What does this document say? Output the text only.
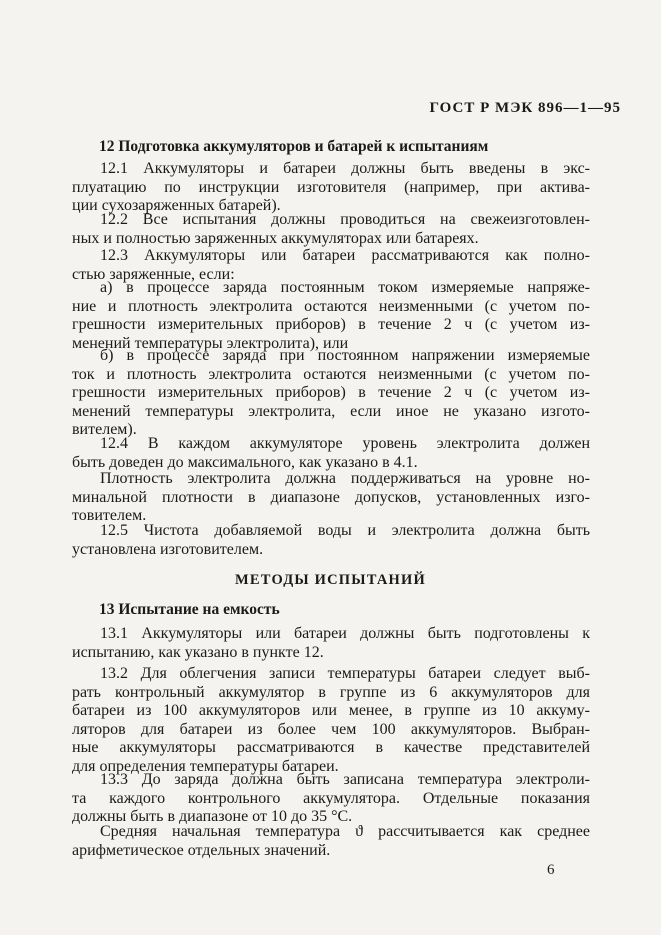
ГОСТ Р МЭК 896—1—95
12 Подготовка аккумуляторов и батарей к испытаниям
12.1 Аккумуляторы и батареи должны быть введены в экс-
плуатацию по инструкции изготовителя (например, при актива-
ции сухозаряженных батарей).
12.2 Все испытания должны проводиться на свежеизготовлен-
ных и полностью заряженных аккумуляторах или батареях.
12.3 Аккумуляторы или батареи рассматриваются как полно-
стью заряженные, если:
а) в процессе заряда постоянным током измеряемые напряже-
ние и плотность электролита остаются неизменными (с учетом по-
грешности измерительных приборов) в течение 2 ч (с учетом из-
менений температуры электролита), или
б) в процессе заряда при постоянном напряжении измеряемые
ток и плотность электролита остаются неизменными (с учетом по-
грешности измерительных приборов) в течение 2 ч (с учетом из-
менений температуры электролита, если иное не указано изгото-
вителем).
12.4 В каждом аккумуляторе уровень электролита должен
быть доведен до максимального, как указано в 4.1.
Плотность электролита должна поддерживаться на уровне но-
минальной плотности в диапазоне допусков, установленных изго-
товителем.
12.5 Чистота добавляемой воды и электролита должна быть
установлена изготовителем.
МЕТОДЫ ИСПЫТАНИЙ
13 Испытание на емкость
13.1 Аккумуляторы или батареи должны быть подготовлены к
испытанию, как указано в пункте 12.
13.2 Для облегчения записи температуры батареи следует выб-
рать контрольный аккумулятор в группе из 6 аккумуляторов для
батареи из 100 аккумуляторов или менее, в группе из 10 аккуму-
ляторов для батареи из более чем 100 аккумуляторов. Выбран-
ные аккумуляторы рассматриваются в качестве представителей
для определения температуры батареи.
13.3 До заряда должна быть записана температура электроли-
та каждого контрольного аккумулятора. Отдельные показания
должны быть в диапазоне от 10 до 35 °С.
Средняя начальная температура ϑ рассчитывается как среднее
арифметическое отдельных значений.
6
